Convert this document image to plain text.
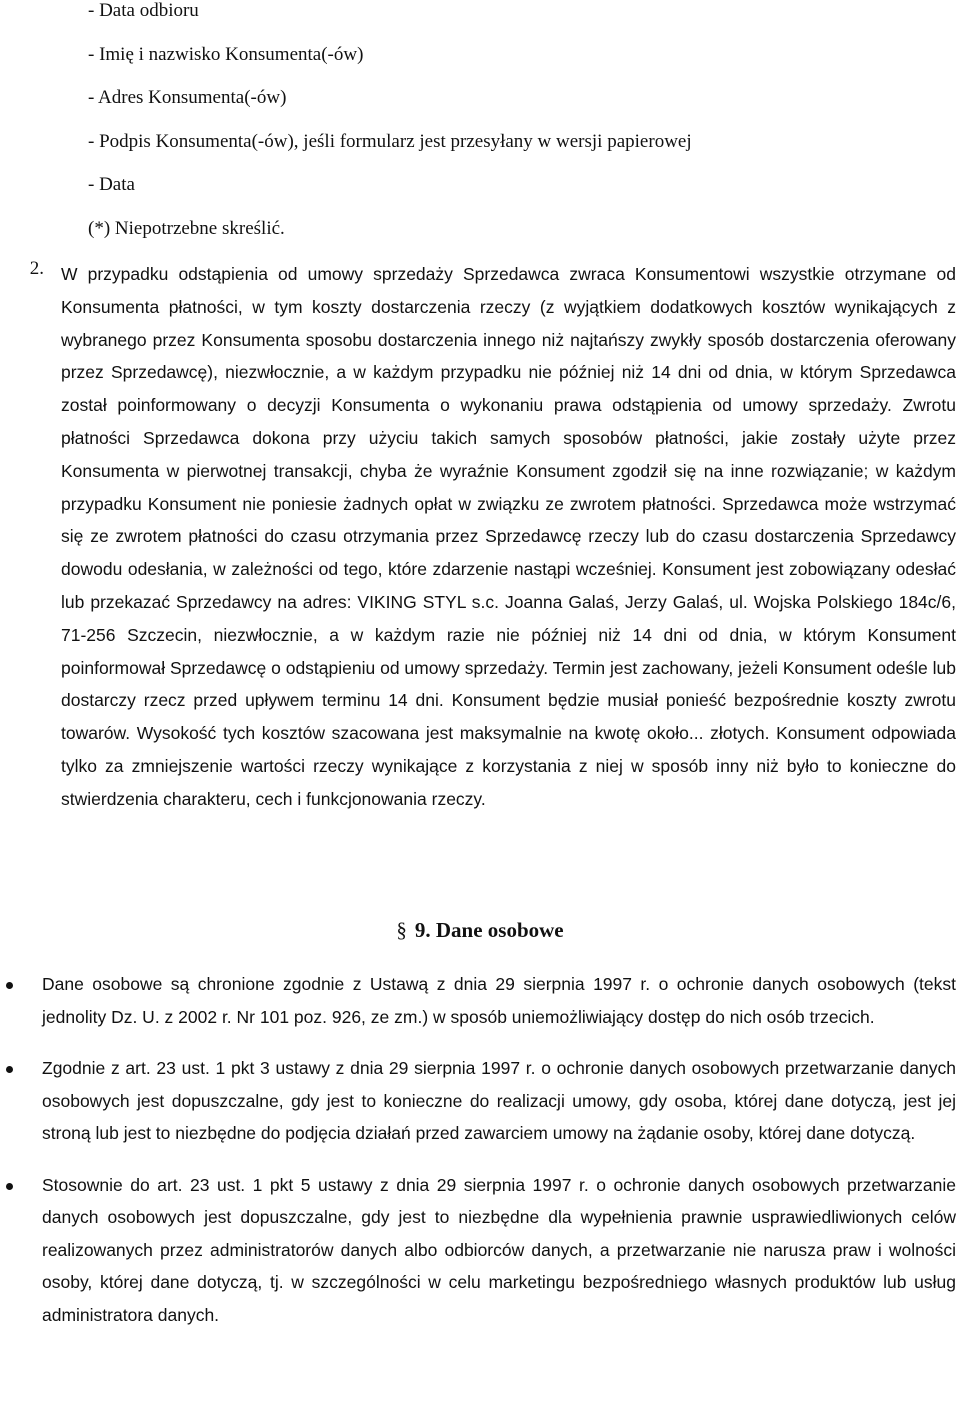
- Data odbioru
- Imię i nazwisko Konsumenta(-ów)
- Adres Konsumenta(-ów)
- Podpis Konsumenta(-ów), jeśli formularz jest przesyłany w wersji papierowej
- Data
(*) Niepotrzebne skreślić.
2. W przypadku odstąpienia od umowy sprzedaży Sprzedawca zwraca Konsumentowi wszystkie otrzymane od Konsumenta płatności, w tym koszty dostarczenia rzeczy (z wyjątkiem dodatkowych kosztów wynikających z wybranego przez Konsumenta sposobu dostarczenia innego niż najtańszy zwykły sposób dostarczenia oferowany przez Sprzedawcę), niezwłocznie, a w każdym przypadku nie później niż 14 dni od dnia, w którym Sprzedawca został poinformowany o decyzji Konsumenta o wykonaniu prawa odstąpienia od umowy sprzedaży. Zwrotu płatności Sprzedawca dokona przy użyciu takich samych sposobów płatności, jakie zostały użyte przez Konsumenta w pierwotnej transakcji, chyba że wyraźnie Konsument zgodził się na inne rozwiązanie; w każdym przypadku Konsument nie poniesie żadnych opłat w związku ze zwrotem płatności. Sprzedawca może wstrzymać się ze zwrotem płatności do czasu otrzymania przez Sprzedawcę rzeczy lub do czasu dostarczenia Sprzedawcy dowodu odesłania, w zależności od tego, które zdarzenie nastąpi wcześniej. Konsument jest zobowiązany odesłać lub przekazać Sprzedawcy na adres: VIKING STYL s.c. Joanna Galaś, Jerzy Galaś, ul. Wojska Polskiego 184c/6, 71-256 Szczecin, niezwłocznie, a w każdym razie nie później niż 14 dni od dnia, w którym Konsument poinformował Sprzedawcę o odstąpieniu od umowy sprzedaży. Termin jest zachowany, jeżeli Konsument odeśle lub dostarczy rzecz przed upływem terminu 14 dni. Konsument będzie musiał ponieść bezpośrednie koszty zwrotu towarów. Wysokość tych kosztów szacowana jest maksymalnie na kwotę około... złotych. Konsument odpowiada tylko za zmniejszenie wartości rzeczy wynikające z korzystania z niej w sposób inny niż było to konieczne do stwierdzenia charakteru, cech i funkcjonowania rzeczy.

§ 9. Dane osobowe
Dane osobowe są chronione zgodnie z Ustawą z dnia 29 sierpnia 1997 r. o ochronie danych osobowych (tekst jednolity Dz. U. z 2002 r. Nr 101 poz. 926, ze zm.) w sposób uniemożliwiający dostęp do nich osób trzecich.
Zgodnie z art. 23 ust. 1 pkt 3 ustawy z dnia 29 sierpnia 1997 r. o ochronie danych osobowych przetwarzanie danych osobowych jest dopuszczalne, gdy jest to konieczne do realizacji umowy, gdy osoba, której dane dotyczą, jest jej stroną lub jest to niezbędne do podjęcia działań przed zawarciem umowy na żądanie osoby, której dane dotyczą.
Stosownie do art. 23 ust. 1 pkt 5 ustawy z dnia 29 sierpnia 1997 r. o ochronie danych osobowych przetwarzanie danych osobowych jest dopuszczalne, gdy jest to niezbędne dla wypełnienia prawnie usprawiedliwionych celów realizowanych przez administratorów danych albo odbiorców danych, a przetwarzanie nie narusza praw i wolności osoby, której dane dotyczą, tj. w szczególności w celu marketingu bezpośredniego własnych produktów lub usług administratora danych.
